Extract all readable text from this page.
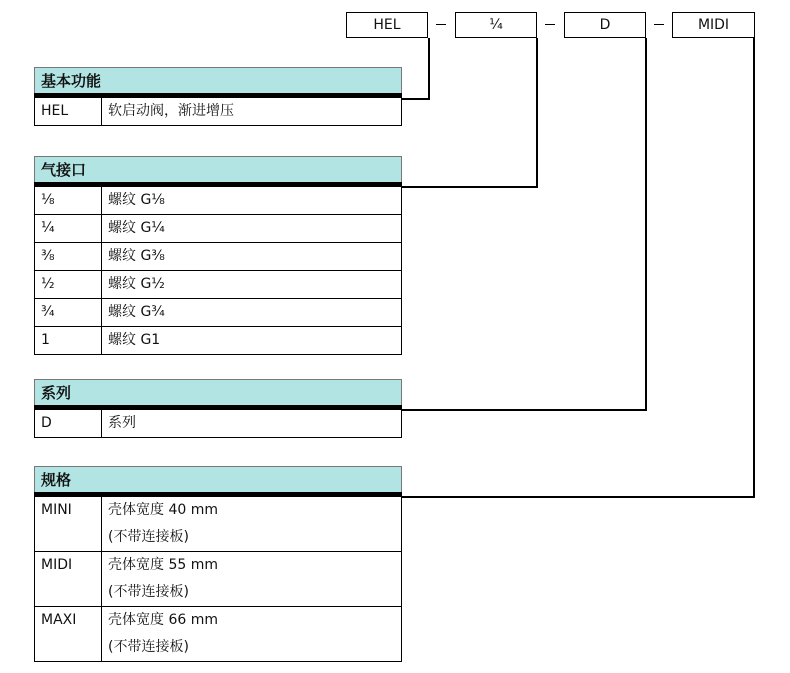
HEL	¼	D	MIDI
基本功能
HEL	软启动阀，渐进增压
气接口
⅛	螺纹 G⅛

¼	螺纹 G¼

⅜	螺纹 G⅜

½	螺纹 G½

¾	螺纹 G¾

1	螺纹 G1
系列
D	系列
规格
MINI	壳体宽度 40 mm
(不带连接板)

MIDI	壳体宽度 55 mm
(不带连接板)

MAXI	壳体宽度 66 mm
(不带连接板)
